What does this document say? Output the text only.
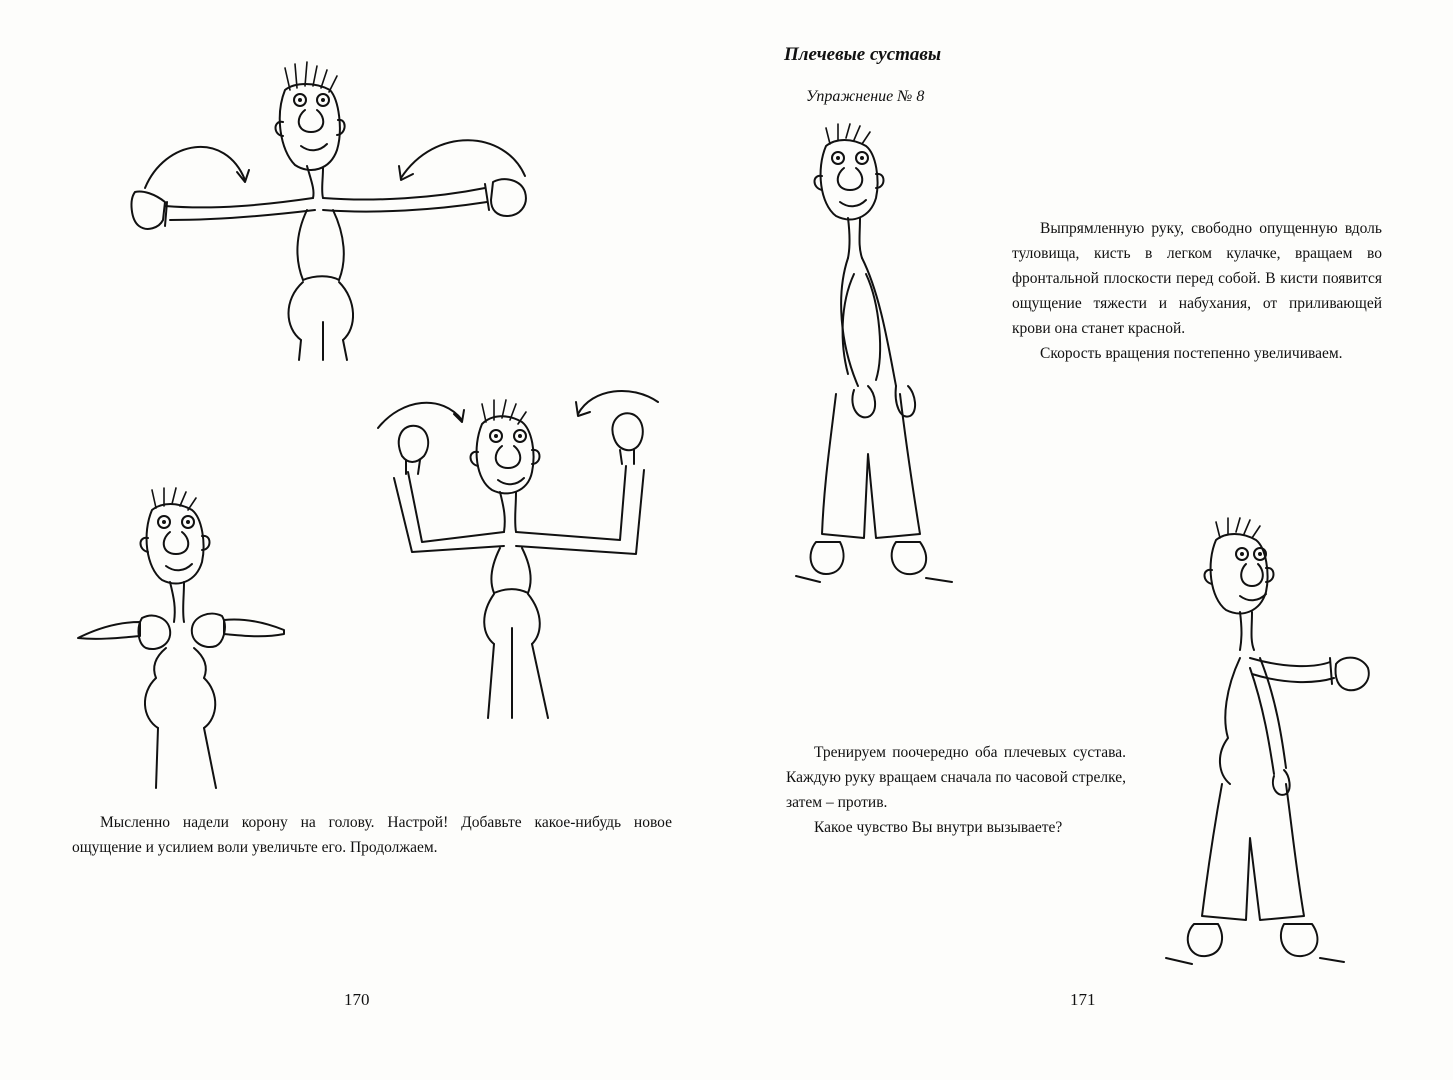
170

Мысленно надели корону на голову. Настрой! Добавьте какое-нибудь новое ощущение и усилием воли увеличьте его. Продолжаем.

Плечевые суставы
Упражнение № 8

Выпрямленную руку, свободно опущенную вдоль туловища, кисть в легком кулачке, вращаем во фронтальной плоскости перед собой. В кисти появится ощущение тяжести и набухания, от приливающей крови она станет красной.

Скорость вращения постепенно увеличиваем.

Тренируем поочередно оба плечевых сустава. Каждую руку вращаем сначала по часовой стрелке, затем – против.

Какое чувство Вы внутри вызываете?

171
